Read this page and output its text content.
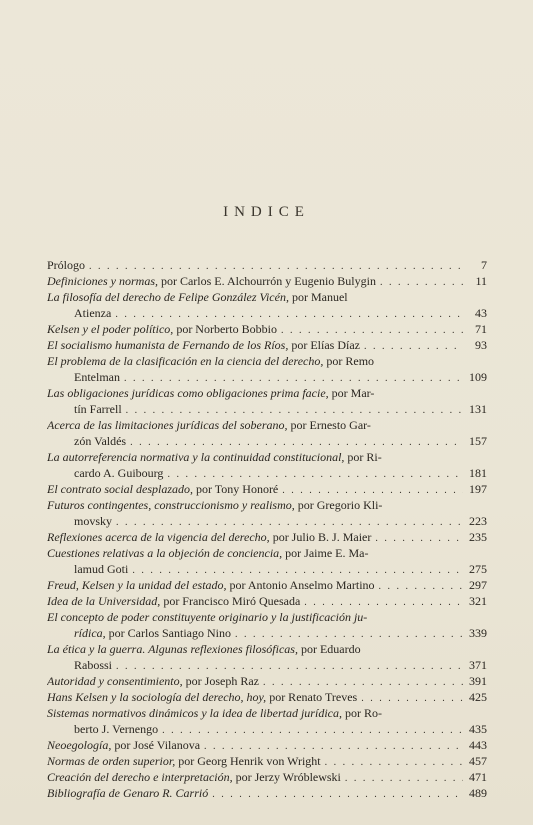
INDICE
Prólogo . . .	7
Definiciones y normas, por Carlos E. Alchourrón y Eugenio Bulygin . . .	11
La filosofía del derecho de Felipe González Vicén, por Manuel
Atienza . . .	43
Kelsen y el poder político, por Norberto Bobbio . . .	71
El socialismo humanista de Fernando de los Ríos, por Elías Díaz . . .	93
El problema de la clasificación en la ciencia del derecho, por Remo
Entelman . . .	109
Las obligaciones jurídicas como obligaciones prima facie, por Mar-
tín Farrell . . .	131
Acerca de las limitaciones jurídicas del soberano, por Ernesto Gar-
zón Valdés . . .	157
La autorreferencia normativa y la continuidad constitucional, por Ri-
cardo A. Guibourg . . .	181
El contrato social desplazado, por Tony Honoré . . .	197
Futuros contingentes, construccionismo y realismo, por Gregorio Kli-
movsky . . .	223
Reflexiones acerca de la vigencia del derecho, por Julio B. J. Maier . . .	235
Cuestiones relativas a la objeción de conciencia, por Jaime E. Ma-
lamud Goti . . .	275
Freud, Kelsen y la unidad del estado, por Antonio Anselmo Martino . . .	297
Idea de la Universidad, por Francisco Miró Quesada . . .	321
El concepto de poder constituyente originario y la justificación ju-
rídica, por Carlos Santiago Nino . . .	339
La ética y la guerra. Algunas reflexiones filosóficas, por Eduardo
Rabossi . . .	371
Autoridad y consentimiento, por Joseph Raz . . .	391
Hans Kelsen y la sociología del derecho, hoy, por Renato Treves . . .	425
Sistemas normativos dinámicos y la idea de libertad jurídica, por Ro-
berto J. Vernengo . . .	435
Neoegología, por José Vilanova . . .	443
Normas de orden superior, por Georg Henrik von Wright . . .	457
Creación del derecho e interpretación, por Jerzy Wróblewski . . .	471
Bibliografía de Genaro R. Carrió . . .	489
